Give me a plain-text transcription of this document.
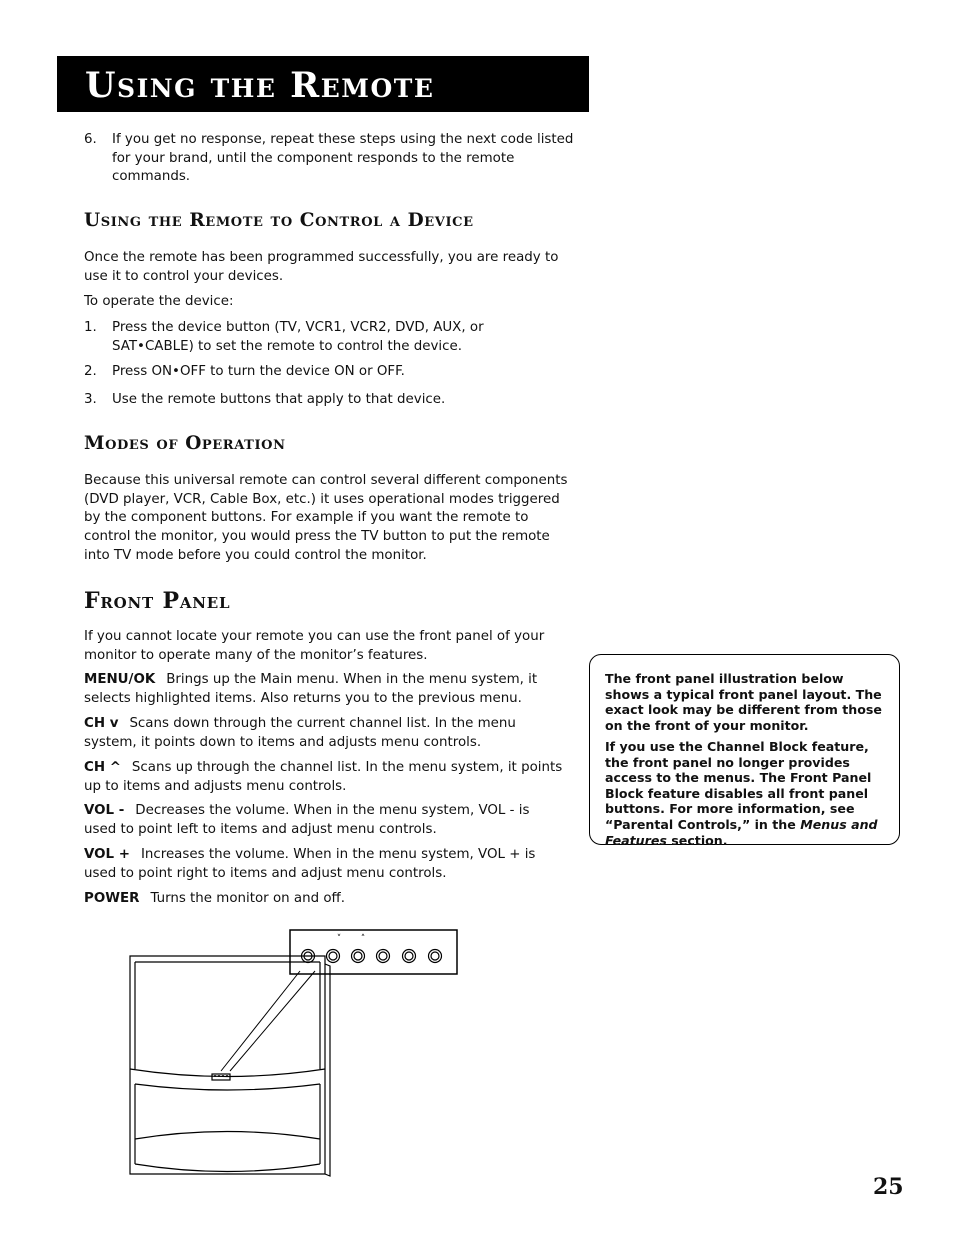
Using the Remote
6. If you get no response, repeat these steps using the next code listed for your brand, until the component responds to the remote commands.
Using the Remote to Control a Device
Once the remote has been programmed successfully, you are ready to use it to control your devices.
To operate the device:
1. Press the device button (TV, VCR1, VCR2, DVD, AUX, or SAT•CABLE) to set the remote to control the device.
2. Press ON•OFF to turn the device ON or OFF.
3. Use the remote buttons that apply to that device.
Modes of Operation
Because this universal remote can control several different components (DVD player, VCR, Cable Box, etc.) it uses operational modes triggered by the component buttons. For example if you want the remote to control the monitor, you would press the TV button to put the remote into TV mode before you could control the monitor.
Front Panel
If you cannot locate your remote you can use the front panel of your monitor to operate many of the monitor’s features.
MENU/OK Brings up the Main menu. When in the menu system, it selects highlighted items. Also returns you to the previous menu.
CH v Scans down through the current channel list. In the menu system, it points down to items and adjusts menu controls.
CH ^ Scans up through the channel list. In the menu system, it points up to items and adjusts menu controls.
VOL - Decreases the volume. When in the menu system, VOL - is used to point left to items and adjust menu controls.
VOL + Increases the volume. When in the menu system, VOL + is used to point right to items and adjust menu controls.
POWER Turns the monitor on and off.
The front panel illustration below shows a typical front panel layout. The exact look may be different from those on the front of your monitor.
If you use the Channel Block feature, the front panel no longer provides access to the menus. The Front Panel Block feature disables all front panel buttons. For more information, see “Parental Controls,” in the Menus and Features section.
˅ ˄
25
